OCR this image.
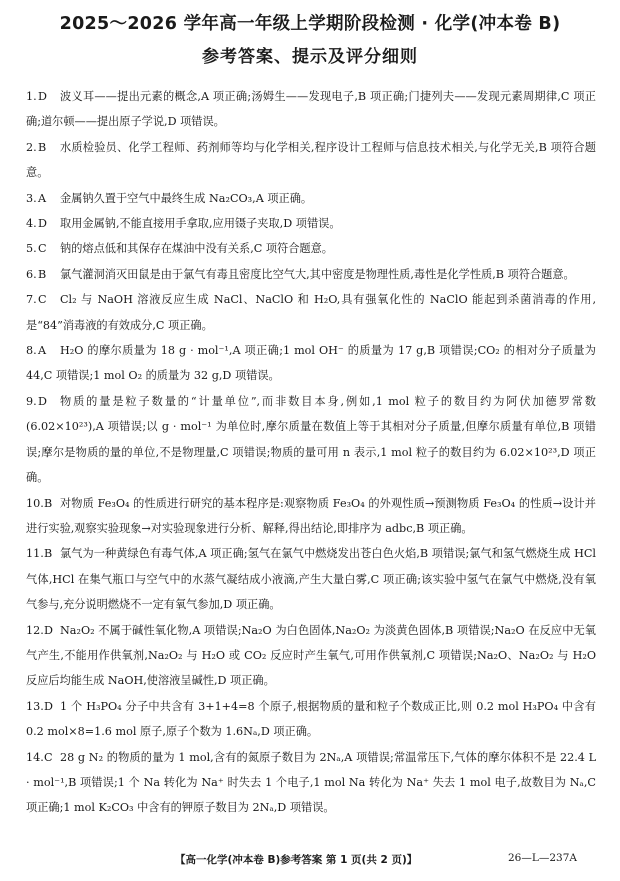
2025～2026 学年高一年级上学期阶段检测 · 化学(冲本卷 B)
参考答案、提示及评分细则
1. D	波义耳——提出元素的概念,A 项正确;汤姆生——发现电子,B 项正确;门捷列夫——发现元素周期律,C 项正确;道尔顿——提出原子学说,D 项错误。
2. B	水质检验员、化学工程师、药剂师等均与化学相关,程序设计工程师与信息技术相关,与化学无关,B 项符合题意。
3. A	金属钠久置于空气中最终生成 Na₂CO₃,A 项正确。
4. D	取用金属钠,不能直接用手拿取,应用镊子夹取,D 项错误。
5. C	钠的熔点低和其保存在煤油中没有关系,C 项符合题意。
6. B	氯气灌洞消灭田鼠是由于氯气有毒且密度比空气大,其中密度是物理性质,毒性是化学性质,B 项符合题意。
7. C	Cl₂ 与 NaOH 溶液反应生成 NaCl、NaClO 和 H₂O,具有强氧化性的 NaClO 能起到杀菌消毒的作用,是“84”消毒液的有效成分,C 项正确。
8. A	H₂O 的摩尔质量为 18 g · mol⁻¹,A 项正确;1 mol OH⁻ 的质量为 17 g,B 项错误;CO₂ 的相对分子质量为 44,C 项错误;1 mol O₂ 的质量为 32 g,D 项错误。
9. D	物质的量是粒子数量的“计量单位”,而非数目本身,例如,1 mol 粒子的数目约为阿伏加德罗常数(6.02×10²³),A 项错误;以 g · mol⁻¹ 为单位时,摩尔质量在数值上等于其相对分子质量,但摩尔质量有单位,B 项错误;摩尔是物质的量的单位,不是物理量,C 项错误;物质的量可用 n 表示,1 mol 粒子的数目约为 6.02×10²³,D 项正确。
10. B 对物质 Fe₃O₄ 的性质进行研究的基本程序是:观察物质 Fe₃O₄ 的外观性质→预测物质 Fe₃O₄ 的性质→设计并进行实验,观察实验现象→对实验现象进行分析、解释,得出结论,即排序为 adbc,B 项正确。
11. B 氯气为一种黄绿色有毒气体,A 项正确;氢气在氯气中燃烧发出苍白色火焰,B 项错误;氯气和氢气燃烧生成 HCl 气体,HCl 在集气瓶口与空气中的水蒸气凝结成小液滴,产生大量白雾,C 项正确;该实验中氢气在氯气中燃烧,没有氧气参与,充分说明燃烧不一定有氧气参加,D 项正确。
12. D Na₂O₂ 不属于碱性氧化物,A 项错误;Na₂O 为白色固体,Na₂O₂ 为淡黄色固体,B 项错误;Na₂O 在反应中无氧气产生,不能用作供氧剂,Na₂O₂ 与 H₂O 或 CO₂ 反应时产生氧气,可用作供氧剂,C 项错误;Na₂O、Na₂O₂ 与 H₂O 反应后均能生成 NaOH,使溶液呈碱性,D 项正确。
13. D 1 个 H₃PO₄ 分子中共含有 3+1+4=8 个原子,根据物质的量和粒子个数成正比,则 0.2 mol H₃PO₄ 中含有 0.2 mol×8=1.6 mol 原子,原子个数为 1.6Nₐ,D 项正确。
14. C 28 g N₂ 的物质的量为 1 mol,含有的氮原子数目为 2Nₐ,A 项错误;常温常压下,气体的摩尔体积不是 22.4 L · mol⁻¹,B 项错误;1 个 Na 转化为 Na⁺ 时失去 1 个电子,1 mol Na 转化为 Na⁺ 失去 1 mol 电子,故数目为 Nₐ,C 项正确;1 mol K₂CO₃ 中含有的钾原子数目为 2Nₐ,D 项错误。
【高一化学(冲本卷 B)参考答案 第 1 页(共 2 页)】	26—L—237A
